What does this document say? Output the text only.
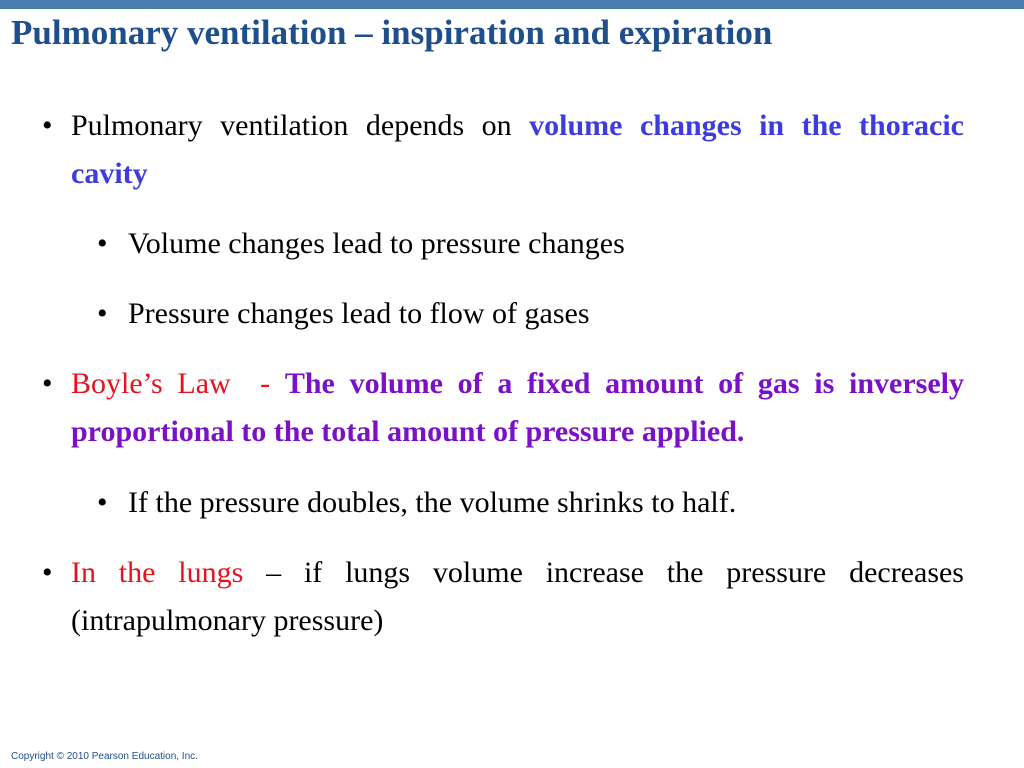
Pulmonary ventilation – inspiration and expiration
• Pulmonary ventilation depends on volume changes in the thoracic cavity
• Volume changes lead to pressure changes
• Pressure changes lead to flow of gases
• Boyle’s Law  - The volume of a fixed amount of gas is inversely proportional to the total amount of pressure applied.
• If the pressure doubles, the volume shrinks to half.
• In the lungs – if lungs volume increase the pressure decreases (intrapulmonary pressure)
Copyright © 2010 Pearson Education, Inc.
